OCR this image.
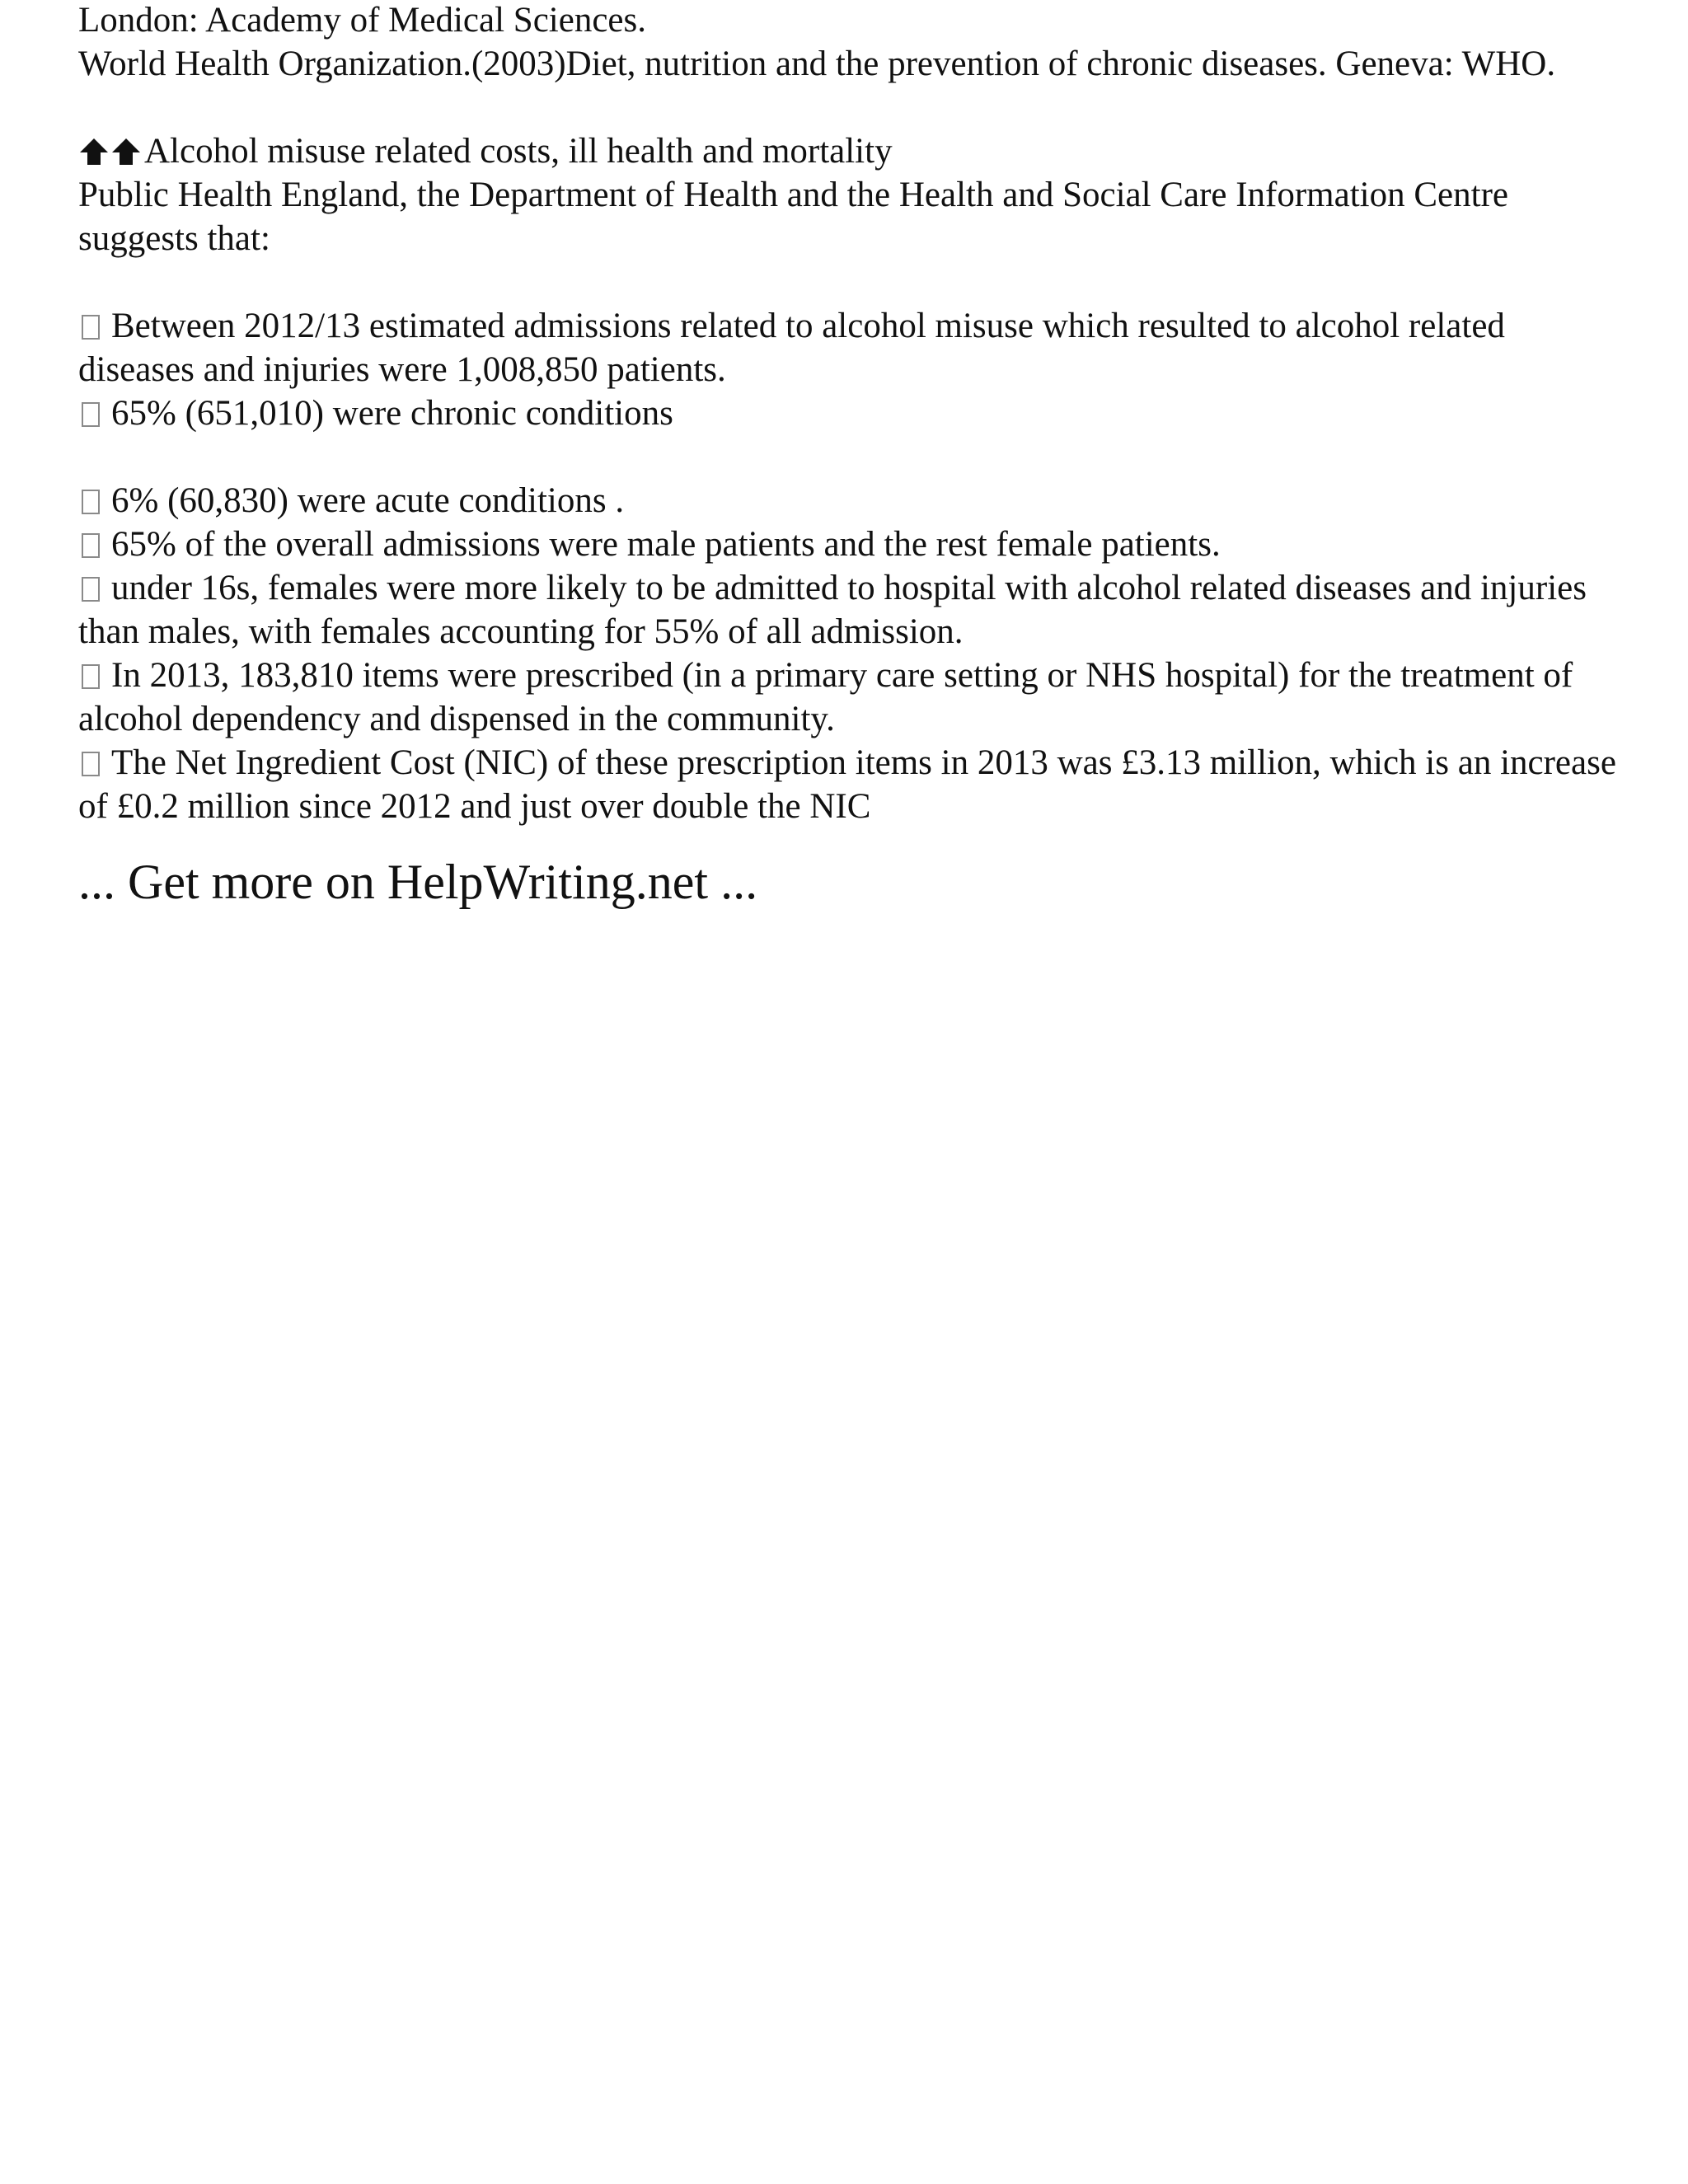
London: Academy of Medical Sciences.

World Health Organization.(2003)Diet, nutrition and the prevention of chronic diseases. Geneva: WHO.

Alcohol misuse related costs, ill health and mortality

Public Health England, the Department of Health and the Health and Social Care Information Centre suggests that:

Between 2012/13 estimated admissions related to alcohol misuse which resulted to alcohol related diseases and injuries were 1,008,850 patients.

65% (651,010) were chronic conditions

6% (60,830) were acute conditions .

65% of the overall admissions were male patients and the rest female patients.

under 16s, females were more likely to be admitted to hospital with alcohol related diseases and injuries than males, with females accounting for 55% of all admission.

In 2013, 183,810 items were prescribed (in a primary care setting or NHS hospital) for the treatment of alcohol dependency and dispensed in the community.

The Net Ingredient Cost (NIC) of these prescription items in 2013 was £3.13 million, which is an increase of £0.2 million since 2012 and just over double the NIC

... Get more on HelpWriting.net ...
